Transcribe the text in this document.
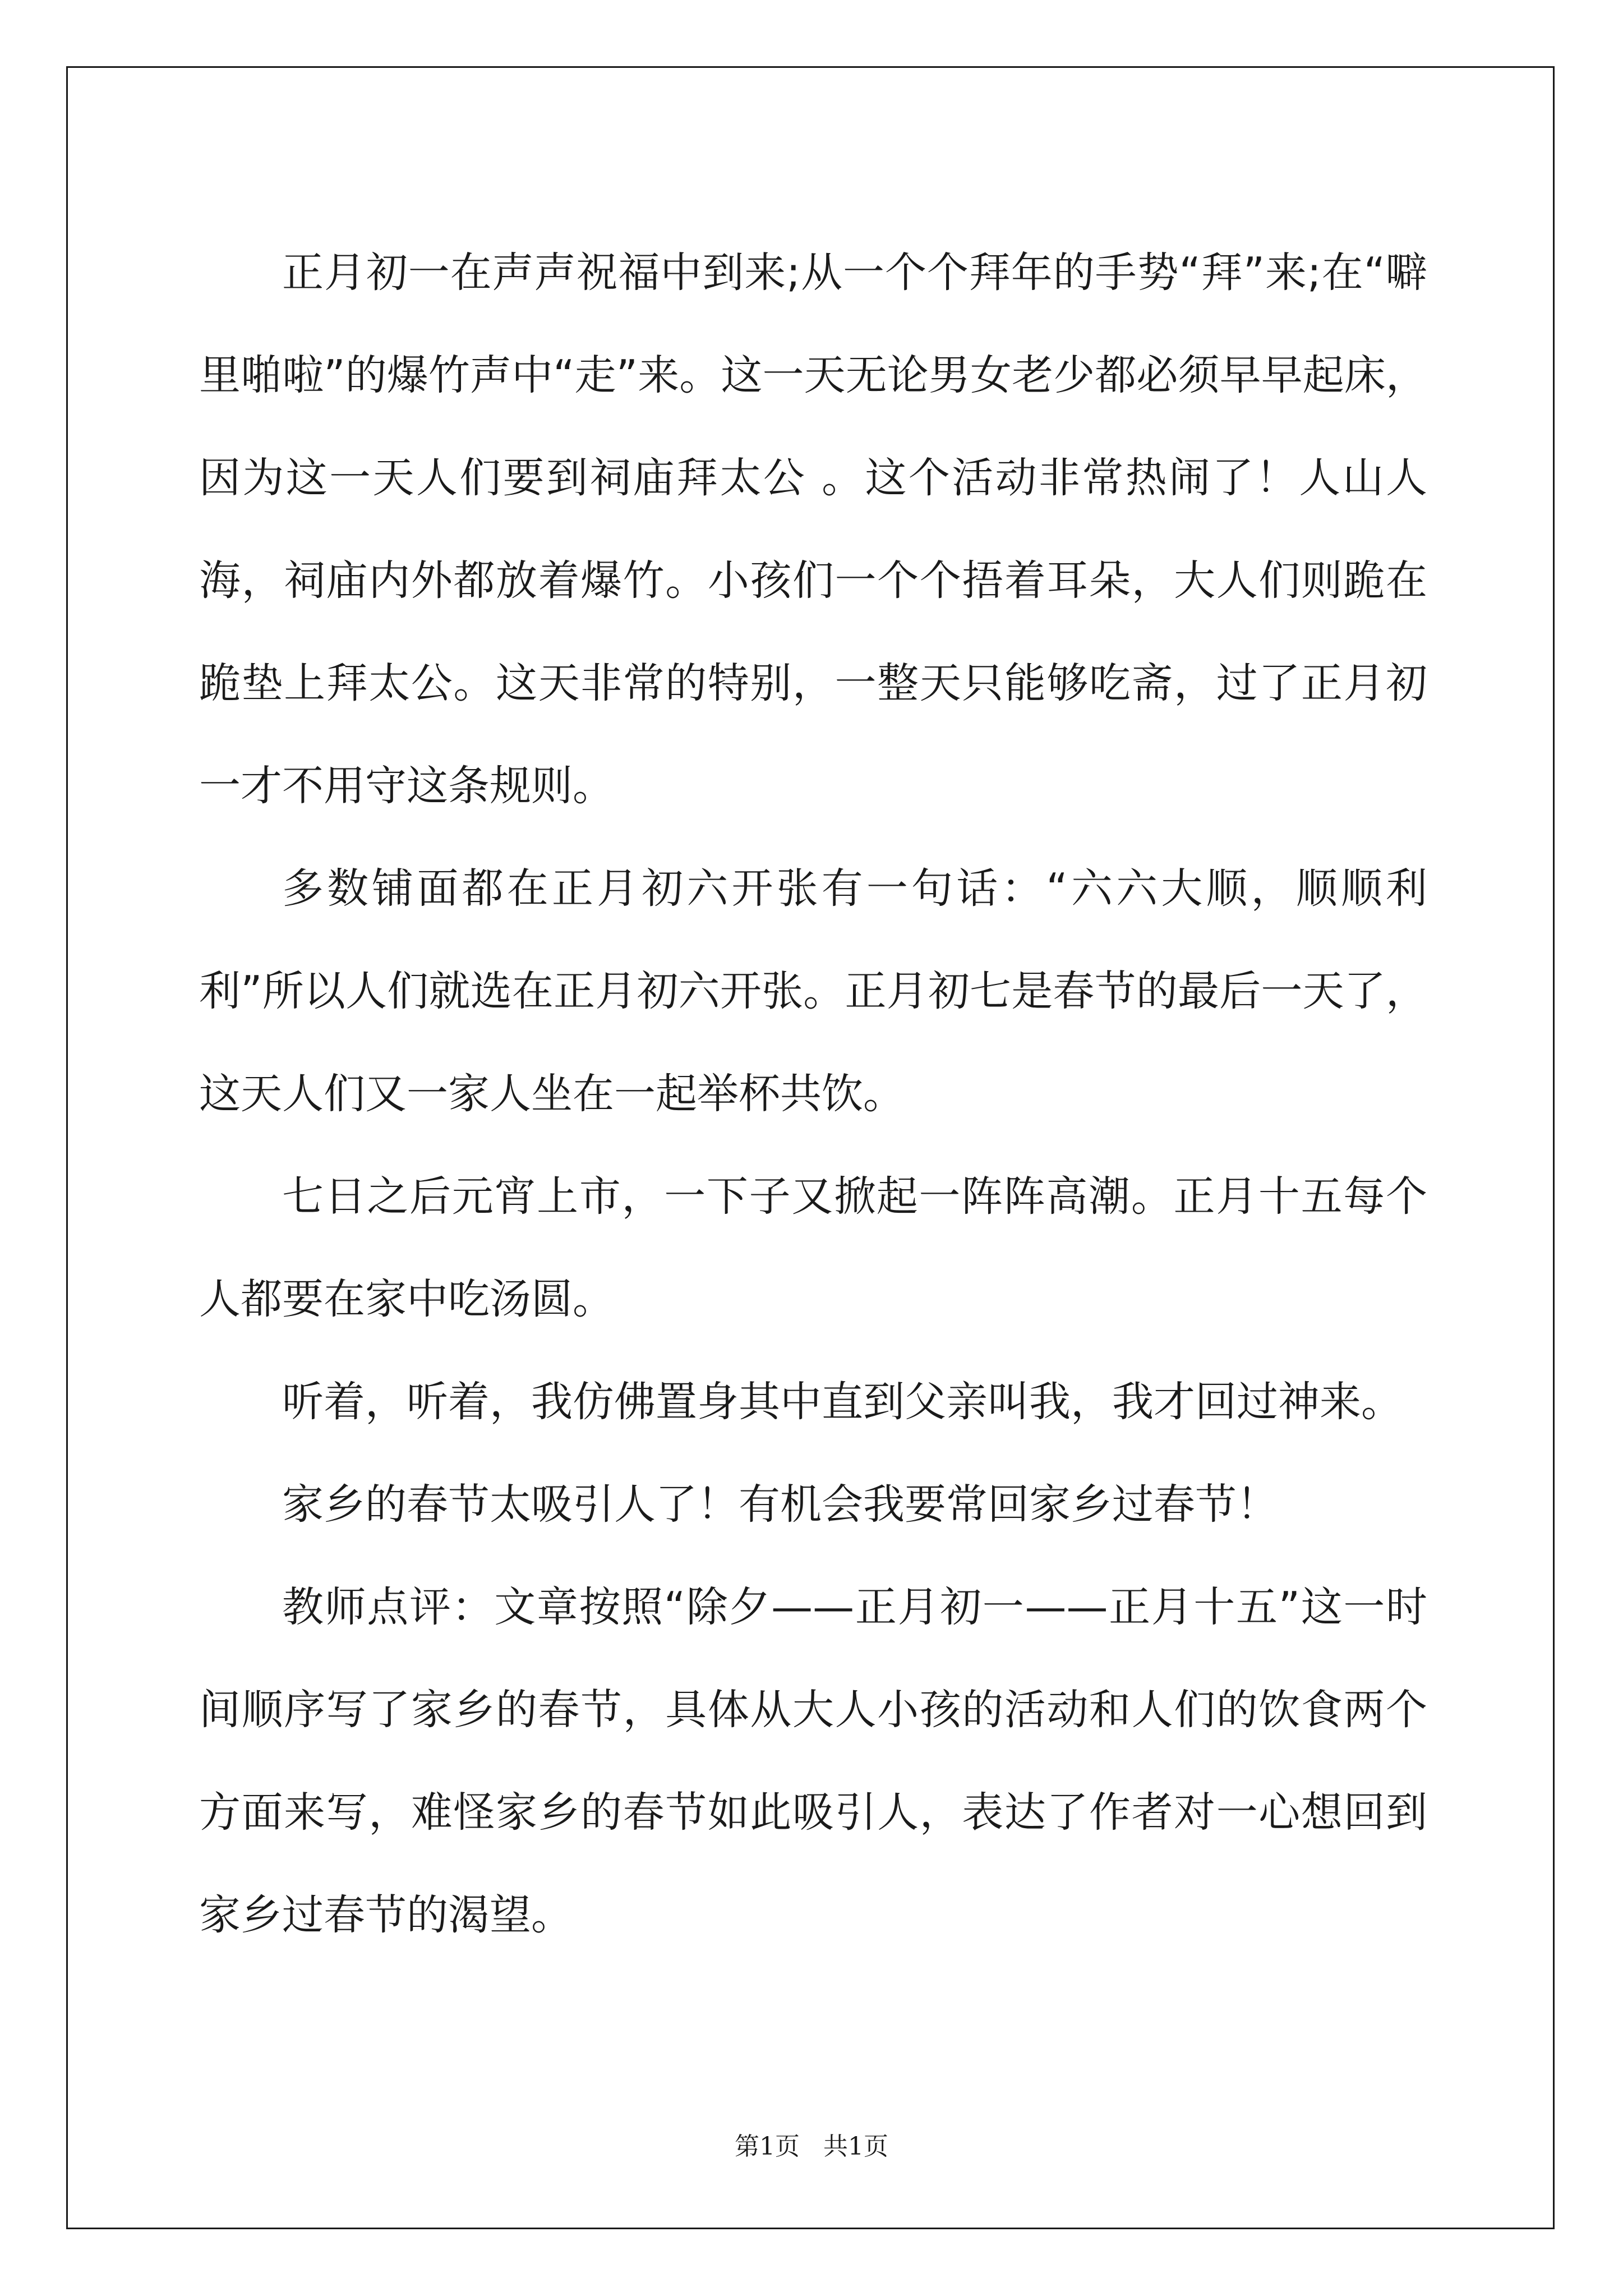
正月初一在声声祝福中到来;从一个个拜年的手势“拜”来;在“噼里啪啦”的爆竹声中“走”来。这一天无论男女老少都必须早早起床，因为这一天人们要到祠庙拜太公 。这个活动非常热闹了！人山人海，祠庙内外都放着爆竹。小孩们一个个捂着耳朵，大人们则跪在跪垫上拜太公。这天非常的特别，一整天只能够吃斋，过了正月初一才不用守这条规则。

多数铺面都在正月初六开张有一句话：“六六大顺，顺顺利利”所以人们就选在正月初六开张。正月初七是春节的最后一天了，这天人们又一家人坐在一起举杯共饮。

七日之后元宵上市，一下子又掀起一阵阵高潮。正月十五每个人都要在家中吃汤圆。

听着，听着，我仿佛置身其中直到父亲叫我，我才回过神来。

家乡的春节太吸引人了！有机会我要常回家乡过春节！

教师点评：文章按照“除夕——正月初一——正月十五”这一时间顺序写了家乡的春节，具体从大人小孩的活动和人们的饮食两个方面来写，难怪家乡的春节如此吸引人，表达了作者对一心想回到家乡过春节的渴望。

第1页 共1页
